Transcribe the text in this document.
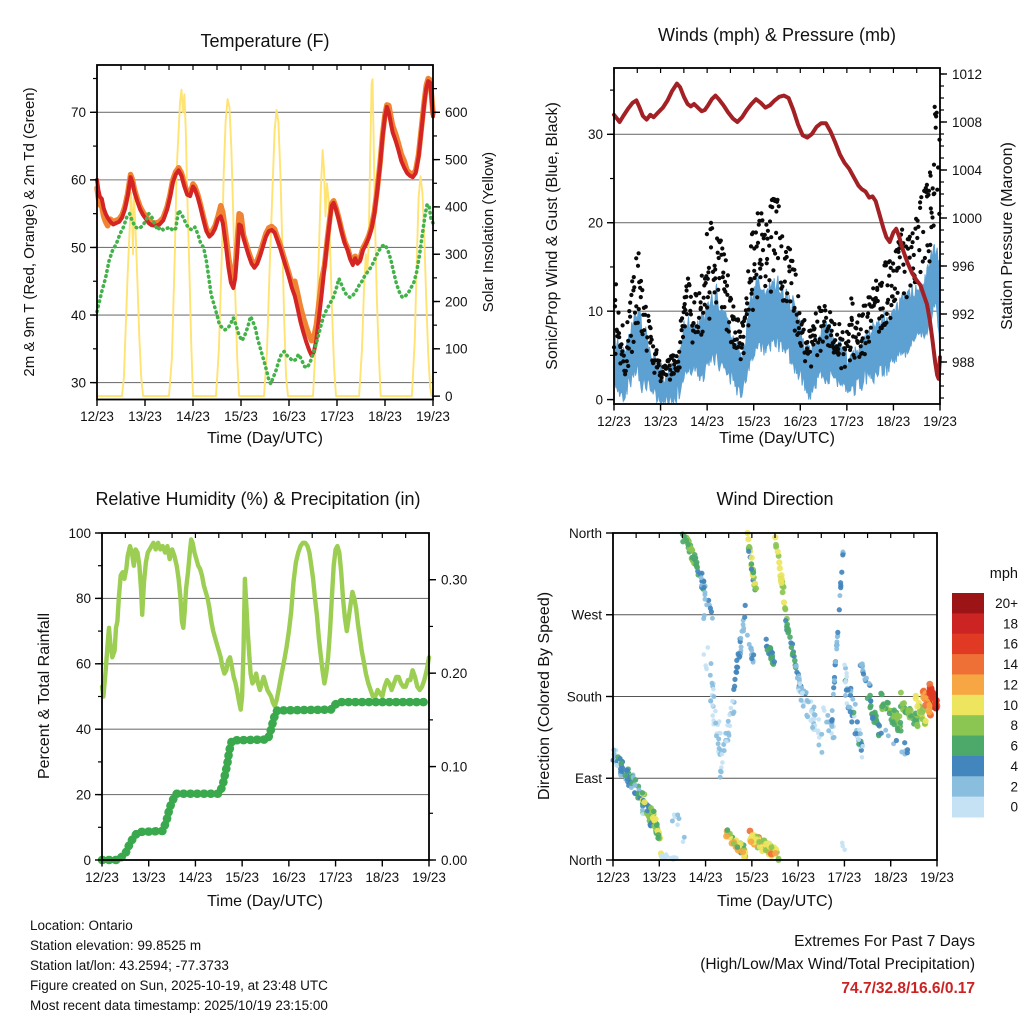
12/23 13/23 14/23 15/23 16/23 17/23 18/23 19/23
30
40
50
60
70
0
100
200
300
400
500
600
12/23 13/23 14/23 15/23 16/23 17/23 18/23 19/23
0
10
20
30
988
992
996
1000
1004
1008
1012
12/23 13/23 14/23 15/23 16/23 17/23 18/23 19/23
0
20
40
60
80
100
0.00
0.10
0.20
0.30
12/23 13/23 14/23 15/23 16/23 17/23 18/23 19/23
North
West
South
East
North
20+
18
16
14
12
10
8
6
4
2
0
Temperature (F)	Winds (mph) & Pressure (mb)
Relative Humidity (%) & Precipitation (in)	Wind Direction
Time (Day/UTC)	Time (Day/UTC)
Time (Day/UTC)	Time (Day/UTC)
2m & 9m T (Red, Orange) & 2m Td (Green)	Solar Insolation (Yellow)	Sonic/Prop Wind & Gust (Blue, Black)	Station Pressure (Maroon)
Percent & Total Rainfall	Direction (Colored By Speed)
mph
Location: Ontario
Station elevation: 99.8525 m
Station lat/lon: 43.2594; -77.3733
Figure created on Sun, 2025-10-19, at 23:48 UTC
Most recent data timestamp: 2025/10/19 23:15:00
Extremes For Past 7 Days
(High/Low/Max Wind/Total Precipitation)
74.7/32.8/16.6/0.17
